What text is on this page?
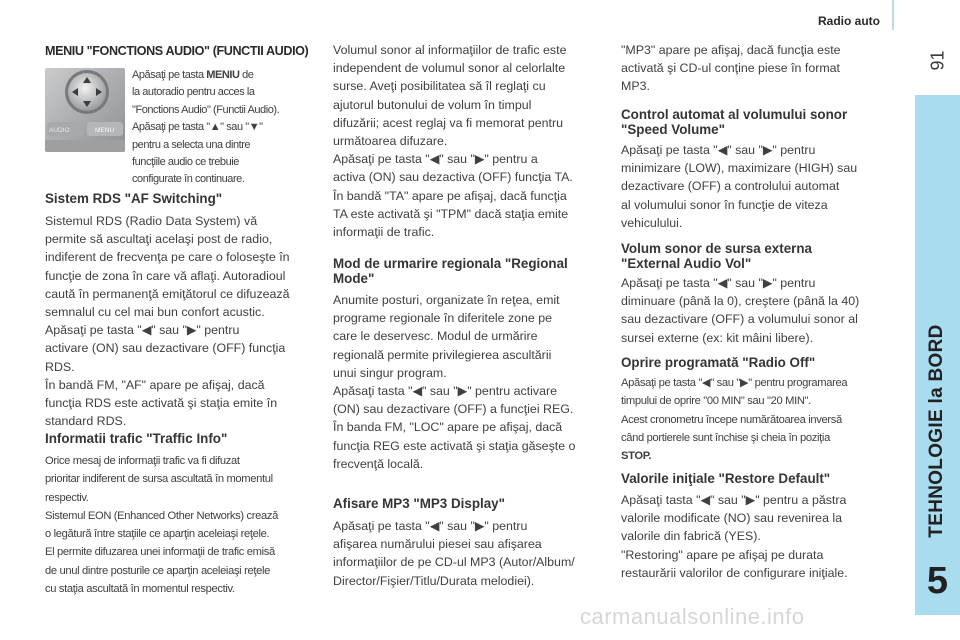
Radio auto
91
TEHNOLOGIE la BORD
5
MENIU "FONCTIONS AUDIO" (FUNCTII AUDIO)
AUDIO	MENU

Apăsaţi pe tasta MENIU de

la autoradio pentru acces la

"Fonctions Audio" (Functii Audio).

Apăsaţi pe tasta "▲" sau "▼"

pentru a selecta una dintre

funcţiile audio ce trebuie

configurate în continuare.

Sistem RDS "AF Switching"

Sistemul RDS (Radio Data System) vă

permite să ascultaţi acelaşi post de radio,

indiferent de frecvenţa pe care o foloseşte în

funcţie de zona în care vă aflaţi. Autoradioul

caută în permanenţă emiţătorul ce difuzează

semnalul cu cel mai bun confort acustic.

Apăsaţi pe tasta "◀" sau "▶" pentru

activare (ON) sau dezactivare (OFF) funcţia

RDS.

În bandă FM, "AF" apare pe afişaj, dacă

funcţia RDS este activată şi staţia emite în

standard RDS.

Informatii trafic "Traffic Info"

Orice mesaj de informaţii trafic va fi difuzat

prioritar indiferent de sursa ascultată în momentul

respectiv.

Sistemul EON (Enhanced Other Networks) crează

o legătură între staţiile ce aparţin aceleiaşi reţele.

El permite difuzarea unei informaţii de trafic emisă

de unul dintre posturile ce aparţin aceleiaşi reţele

cu staţia ascultată în momentul respectiv.

Volumul sonor al informaţiilor de trafic este

independent de volumul sonor al celorlalte

surse. Aveţi posibilitatea să îl reglaţi cu

ajutorul butonului de volum în timpul

difuzării; acest reglaj va fi memorat pentru

următoarea difuzare.

Apăsaţi pe tasta "◀" sau "▶" pentru a

activa (ON) sau dezactiva (OFF) funcţia TA.

În bandă "TA" apare pe afişaj, dacă funcţia

TA este activată şi "TPM" dacă staţia emite

informaţii de trafic.

Mod de urmarire regionala "Regional
Mode"

Anumite posturi, organizate în reţea, emit

programe regionale în diferitele zone pe

care le deservesc. Modul de urmărire

regională permite privilegierea ascultării

unui singur program.

Apăsaţi tasta "◀" sau "▶" pentru activare

(ON) sau dezactivare (OFF) a funcţiei REG.

În banda FM, "LOC" apare pe afişaj, dacă

funcţia REG este activată şi staţia găseşte o

frecvenţă locală.

Afisare MP3 "MP3 Display"

Apăsaţi pe tasta "◀" sau "▶" pentru

afişarea numărului piesei sau afişarea

informaţiilor de pe CD-ul MP3 (Autor/Album/

Director/Fişier/Titlu/Durata melodiei).

"MP3" apare pe afişaj, dacă funcţia este

activată şi CD-ul conţine piese în format

MP3.

Control automat al volumului sonor
"Speed Volume"

Apăsaţi pe tasta "◀" sau "▶" pentru

minimizare (LOW), maximizare (HIGH) sau

dezactivare (OFF) a controlului automat

al volumului sonor în funcţie de viteza

vehiculului.

Volum sonor de sursa externa
"External Audio Vol"

Apăsaţi pe tasta "◀" sau "▶" pentru

diminuare (până la 0), creştere (până la 40)

sau dezactivare (OFF) a volumului sonor al

sursei externe (ex: kit mâini libere).

Oprire programată "Radio Off"

Apăsaţi pe tasta "◀" sau "▶" pentru programarea

timpului de oprire "00 MIN" sau "20 MIN".

Acest cronometru începe numărătoarea inversă

când portierele sunt închise şi cheia în poziţia

STOP.

Valorile iniţiale "Restore Default"

Apăsaţi tasta "◀" sau "▶" pentru a păstra

valorile modificate (NO) sau revenirea la

valorile din fabrică (YES).

"Restoring" apare pe afişaj pe durata

restaurării valorilor de configurare iniţiale.

carmanualsonline.info
